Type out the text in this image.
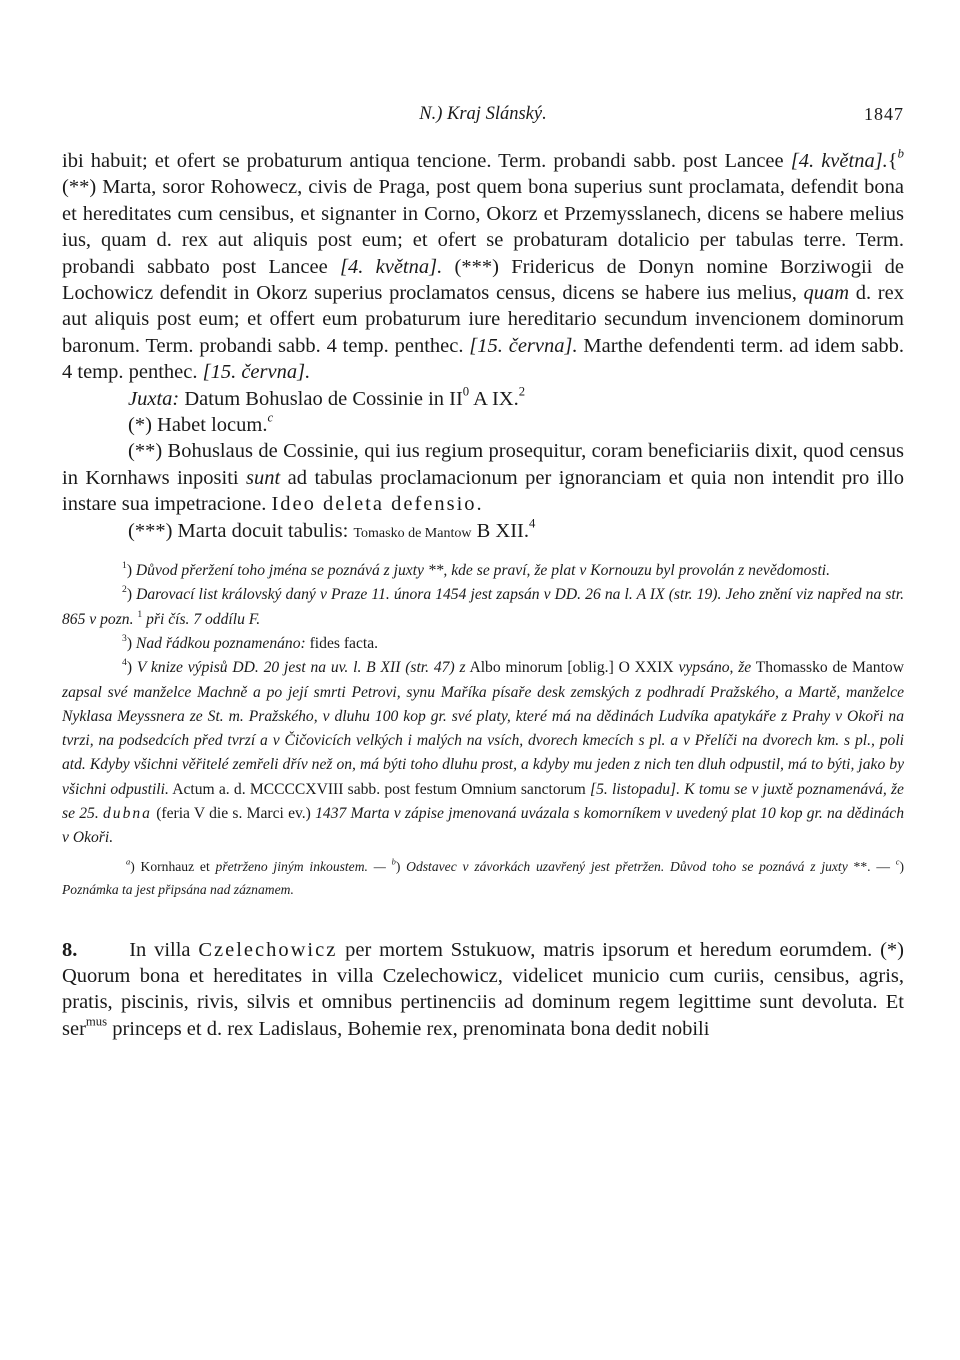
N.) Kraj Slánský.	1847

ibi habuit; et ofert se probaturum antiqua tencione. Term. probandi sabb. post Lancee [4. května].{$^b$ (**) Marta, soror Rohowecz, civis de Praga, post quem bona superius sunt proclamata, defendit bona et hereditates cum censibus, et signanter in Corno, Okorz et Przemysslanech, dicens se habere melius ius, quam d. rex aut aliquis post eum; et ofert se probaturam dotalicio per tabulas terre. Term. probandi sabbato post Lancee [4. května]. (***) Fridericus de Donyn nomine Borziwogii de Lochowicz defendit in Okorz superius proclamatos census, dicens se habere ius melius, quam d. rex aut aliquis post eum; et offert eum probaturum iure hereditario secundum invencionem dominorum baronum. Term. probandi sabb. 4 temp. penthec. [15. června]. Marthe defendenti term. ad idem sabb. 4 temp. penthec. [15. června].

Juxta: Datum Bohuslao de Cossinie in $II^0$ A IX.$^2$

(*) Habet locum.$^c$

(**) Bohuslaus de Cossinie, qui ius regium prosequitur, coram beneficiariis dixit, quod census in Kornhaws inpositi sunt ad tabulas proclamacionum per ignoranciam et quia non intendit pro illo instare sua impetracione. Ideo deleta defensio.

(***) Marta docuit tabulis: Tomasko de Mantow B XII.$^4$

$^1$) Důvod přeržení toho jména se poznává z juxty **, kde se praví, že plat v Kornouzu byl provolán z nevědomosti.

$^2$) Darovací list královský daný v Praze 11. února 1454 jest zapsán v DD. 26 na l. A IX (str. 19). Jeho znění viz napřed na str. 865 v pozn. $^1$ při čís. 7 oddílu F.

$^3$) Nad řádkou poznamenáno: fides facta.

$^4$) V knize výpisů DD. 20 jest na uv. l. B XII (str. 47) z Albo minorum [oblig.] O XXIX vypsáno, že Thomassko de Mantow zapsal své manželce Machně a po její smrti Petrovi, synu Maříka písaře desk zemských z podhradí Pražského, a Martě, manželce Nyklasa Meyssnera ze St. m. Pražského, v dluhu 100 kop gr. své platy, které má na dědinách Ludvíka apatykáře z Prahy v Okoři na tvrzi, na podsedcích před tvrzí a v Čičovicích velkých i malých na vsích, dvorech kmecích s pl. a v Přelíči na dvorech km. s pl., poli atd. Kdyby všichni věřitelé zemřeli dřív než on, má býti toho dluhu prost, a kdyby mu jeden z nich ten dluh odpustil, má to býti, jako by všichni odpustili. Actum a. d. MCCCCXVIII sabb. post festum Omnium sanctorum [5. listopadu]. K tomu se v juxtě poznamenává, že se 25. dubna (feria V die s. Marci ev.) 1437 Marta v zápise jmenovaná uvázala s komorníkem v uvedený plat 10 kop gr. na dědinách v Okoři.

$^a$) Kornhauz et přetrženo jiným inkoustem. — $^b$) Odstavec v závorkách uzavřený jest přetržen. Důvod toho se poznává z juxty **. — $^c$) Poznámka ta jest připsána nad záznamem.

8. In villa Czelechowicz per mortem Sstukuow, matris ipsorum et heredum eorumdem. (*) Quorum bona et hereditates in villa Czelechowicz, videlicet municio cum curiis, censibus, agris, pratis, piscinis, rivis, silvis et omnibus pertinenciis ad dominum regem legittime sunt devoluta. Et ser$^{mus}$ princeps et d. rex Ladislaus, Bohemie rex, prenominata bona dedit nobili
